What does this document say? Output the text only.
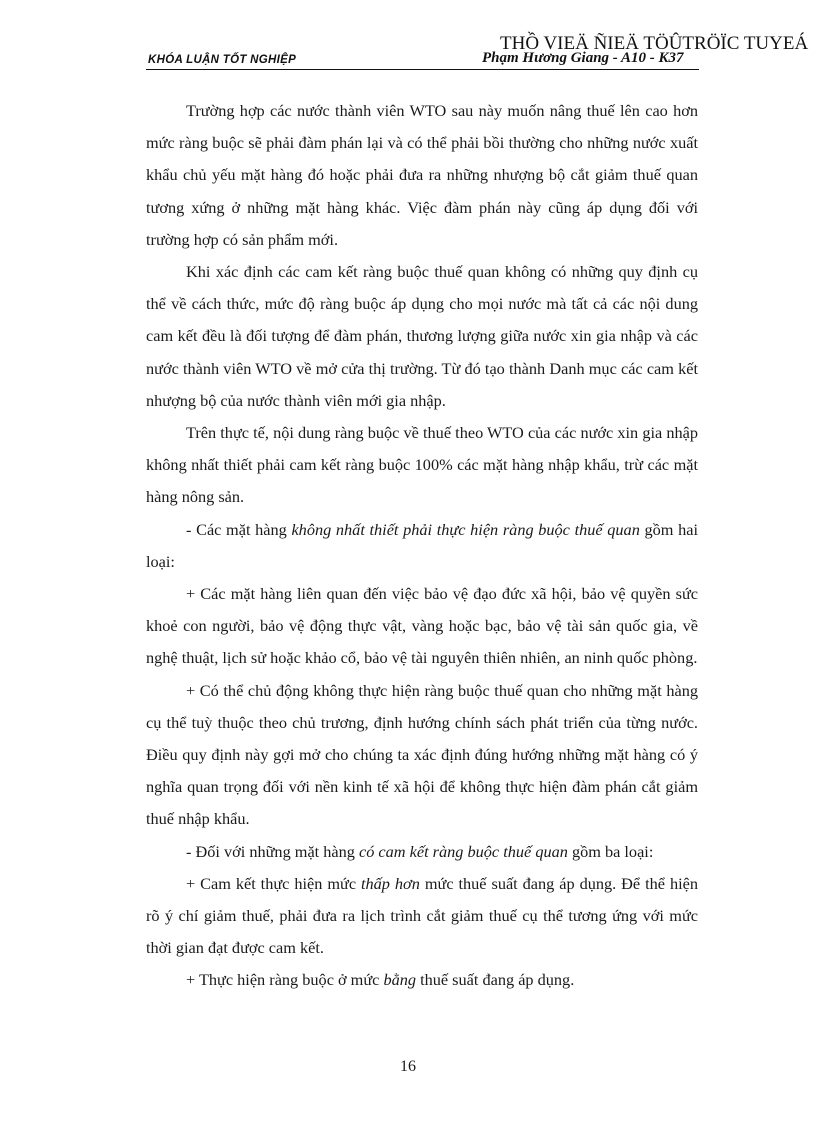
THỒ VIEÄ ÑIEÄ TÖÛTRÖÏC TUYEÁ
KHÓA LUẬN TỐT NGHIỆP	Phạm Hương Giang - A10 - K37

Trường hợp các nước thành viên WTO sau này muốn nâng thuế lên cao hơn mức ràng buộc sẽ phải đàm phán lại và có thể phải bồi thường cho những nước xuất khẩu chủ yếu mặt hàng đó hoặc phải đưa ra những nhượng bộ cắt giảm thuế quan tương xứng ở những mặt hàng khác. Việc đàm phán này cũng áp dụng đối với trường hợp có sản phẩm mới.

Khi xác định các cam kết ràng buộc thuế quan không có những quy định cụ thể về cách thức, mức độ ràng buộc áp dụng cho mọi nước mà tất cả các nội dung cam kết đều là đối tượng để đàm phán, thương lượng giữa nước xin gia nhập và các nước thành viên WTO về mở cửa thị trường. Từ đó tạo thành Danh mục các cam kết nhượng bộ của nước thành viên mới gia nhập.

Trên thực tế, nội dung ràng buộc về thuế theo WTO của các nước xin gia nhập không nhất thiết phải cam kết ràng buộc 100% các mặt hàng nhập khẩu, trừ các mặt hàng nông sản.

- Các mặt hàng không nhất thiết phải thực hiện ràng buộc thuế quan gồm hai loại:

+ Các mặt hàng liên quan đến việc bảo vệ đạo đức xã hội, bảo vệ quyền sức khoẻ con người, bảo vệ động thực vật, vàng hoặc bạc, bảo vệ tài sản quốc gia, về nghệ thuật, lịch sử hoặc khảo cổ, bảo vệ tài nguyên thiên nhiên, an ninh quốc phòng.

+ Có thể chủ động không thực hiện ràng buộc thuế quan cho những mặt hàng cụ thể tuỳ thuộc theo chủ trương, định hướng chính sách phát triển của từng nước. Điều quy định này gợi mở cho chúng ta xác định đúng hướng những mặt hàng có ý nghĩa quan trọng đối với nền kinh tế xã hội để không thực hiện đàm phán cắt giảm thuế nhập khẩu.

- Đối với những mặt hàng có cam kết ràng buộc thuế quan gồm ba loại:

+ Cam kết thực hiện mức thấp hơn mức thuế suất đang áp dụng. Để thể hiện rõ ý chí giảm thuế, phải đưa ra lịch trình cắt giảm thuế cụ thể tương ứng với mức thời gian đạt được cam kết.

+ Thực hiện ràng buộc ở mức bằng thuế suất đang áp dụng.

16
